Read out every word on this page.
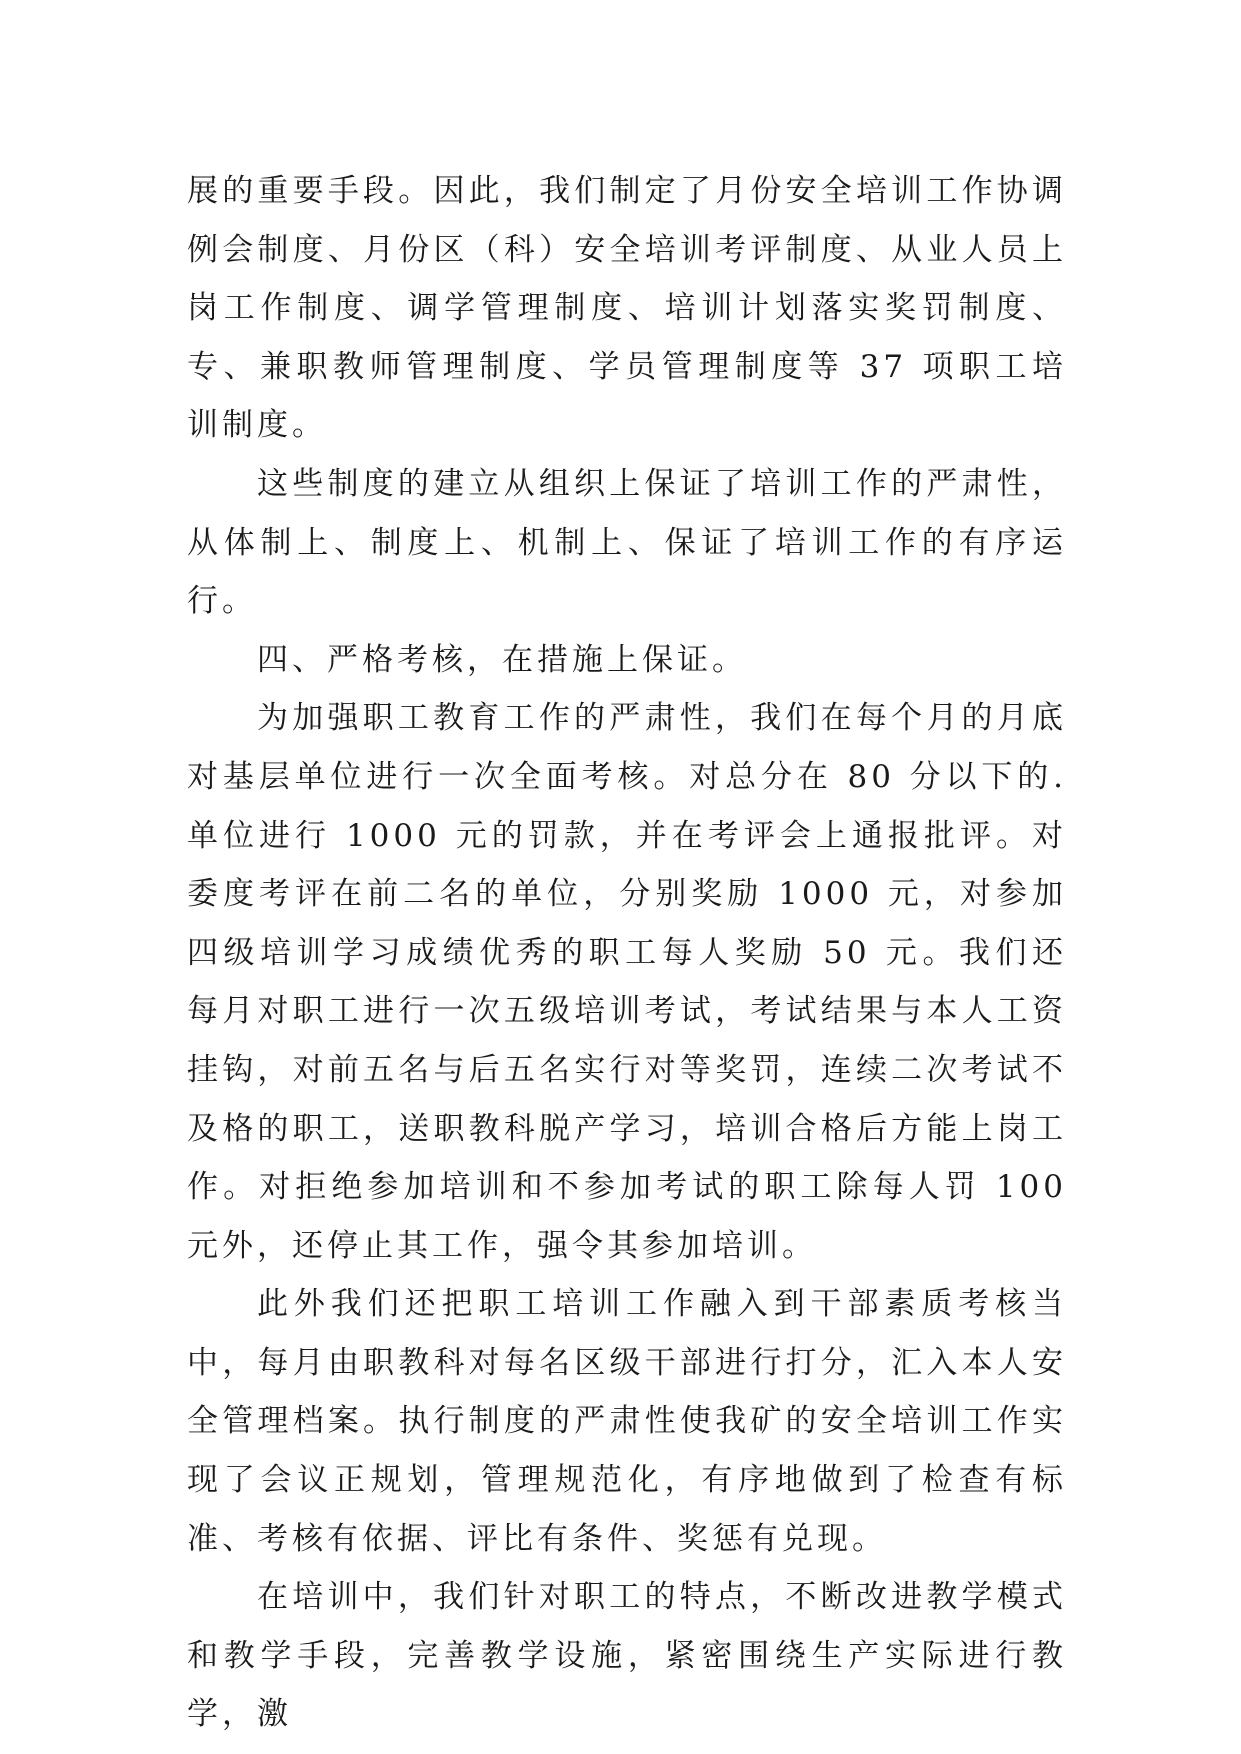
展的重要手段。因此，我们制定了月份安全培训工作协调例会制度、月份区（科）安全培训考评制度、从业人员上岗工作制度、调学管理制度、培训计划落实奖罚制度、专、兼职教师管理制度、学员管理制度等 37 项职工培训制度。

这些制度的建立从组织上保证了培训工作的严肃性，从体制上、制度上、机制上、保证了培训工作的有序运行。

四、严格考核，在措施上保证。

为加强职工教育工作的严肃性，我们在每个月的月底对基层单位进行一次全面考核。对总分在 80 分以下的.单位进行 1000 元的罚款，并在考评会上通报批评。对委度考评在前二名的单位，分别奖励 1000 元，对参加四级培训学习成绩优秀的职工每人奖励 50 元。我们还每月对职工进行一次五级培训考试，考试结果与本人工资挂钩，对前五名与后五名实行对等奖罚，连续二次考试不及格的职工，送职教科脱产学习，培训合格后方能上岗工作。对拒绝参加培训和不参加考试的职工除每人罚 100 元外，还停止其工作，强令其参加培训。

此外我们还把职工培训工作融入到干部素质考核当中，每月由职教科对每名区级干部进行打分，汇入本人安全管理档案。执行制度的严肃性使我矿的安全培训工作实现了会议正规划，管理规范化，有序地做到了检查有标准、考核有依据、评比有条件、奖惩有兑现。

在培训中，我们针对职工的特点，不断改进教学模式和教学手段，完善教学设施，紧密围绕生产实际进行教学，激
